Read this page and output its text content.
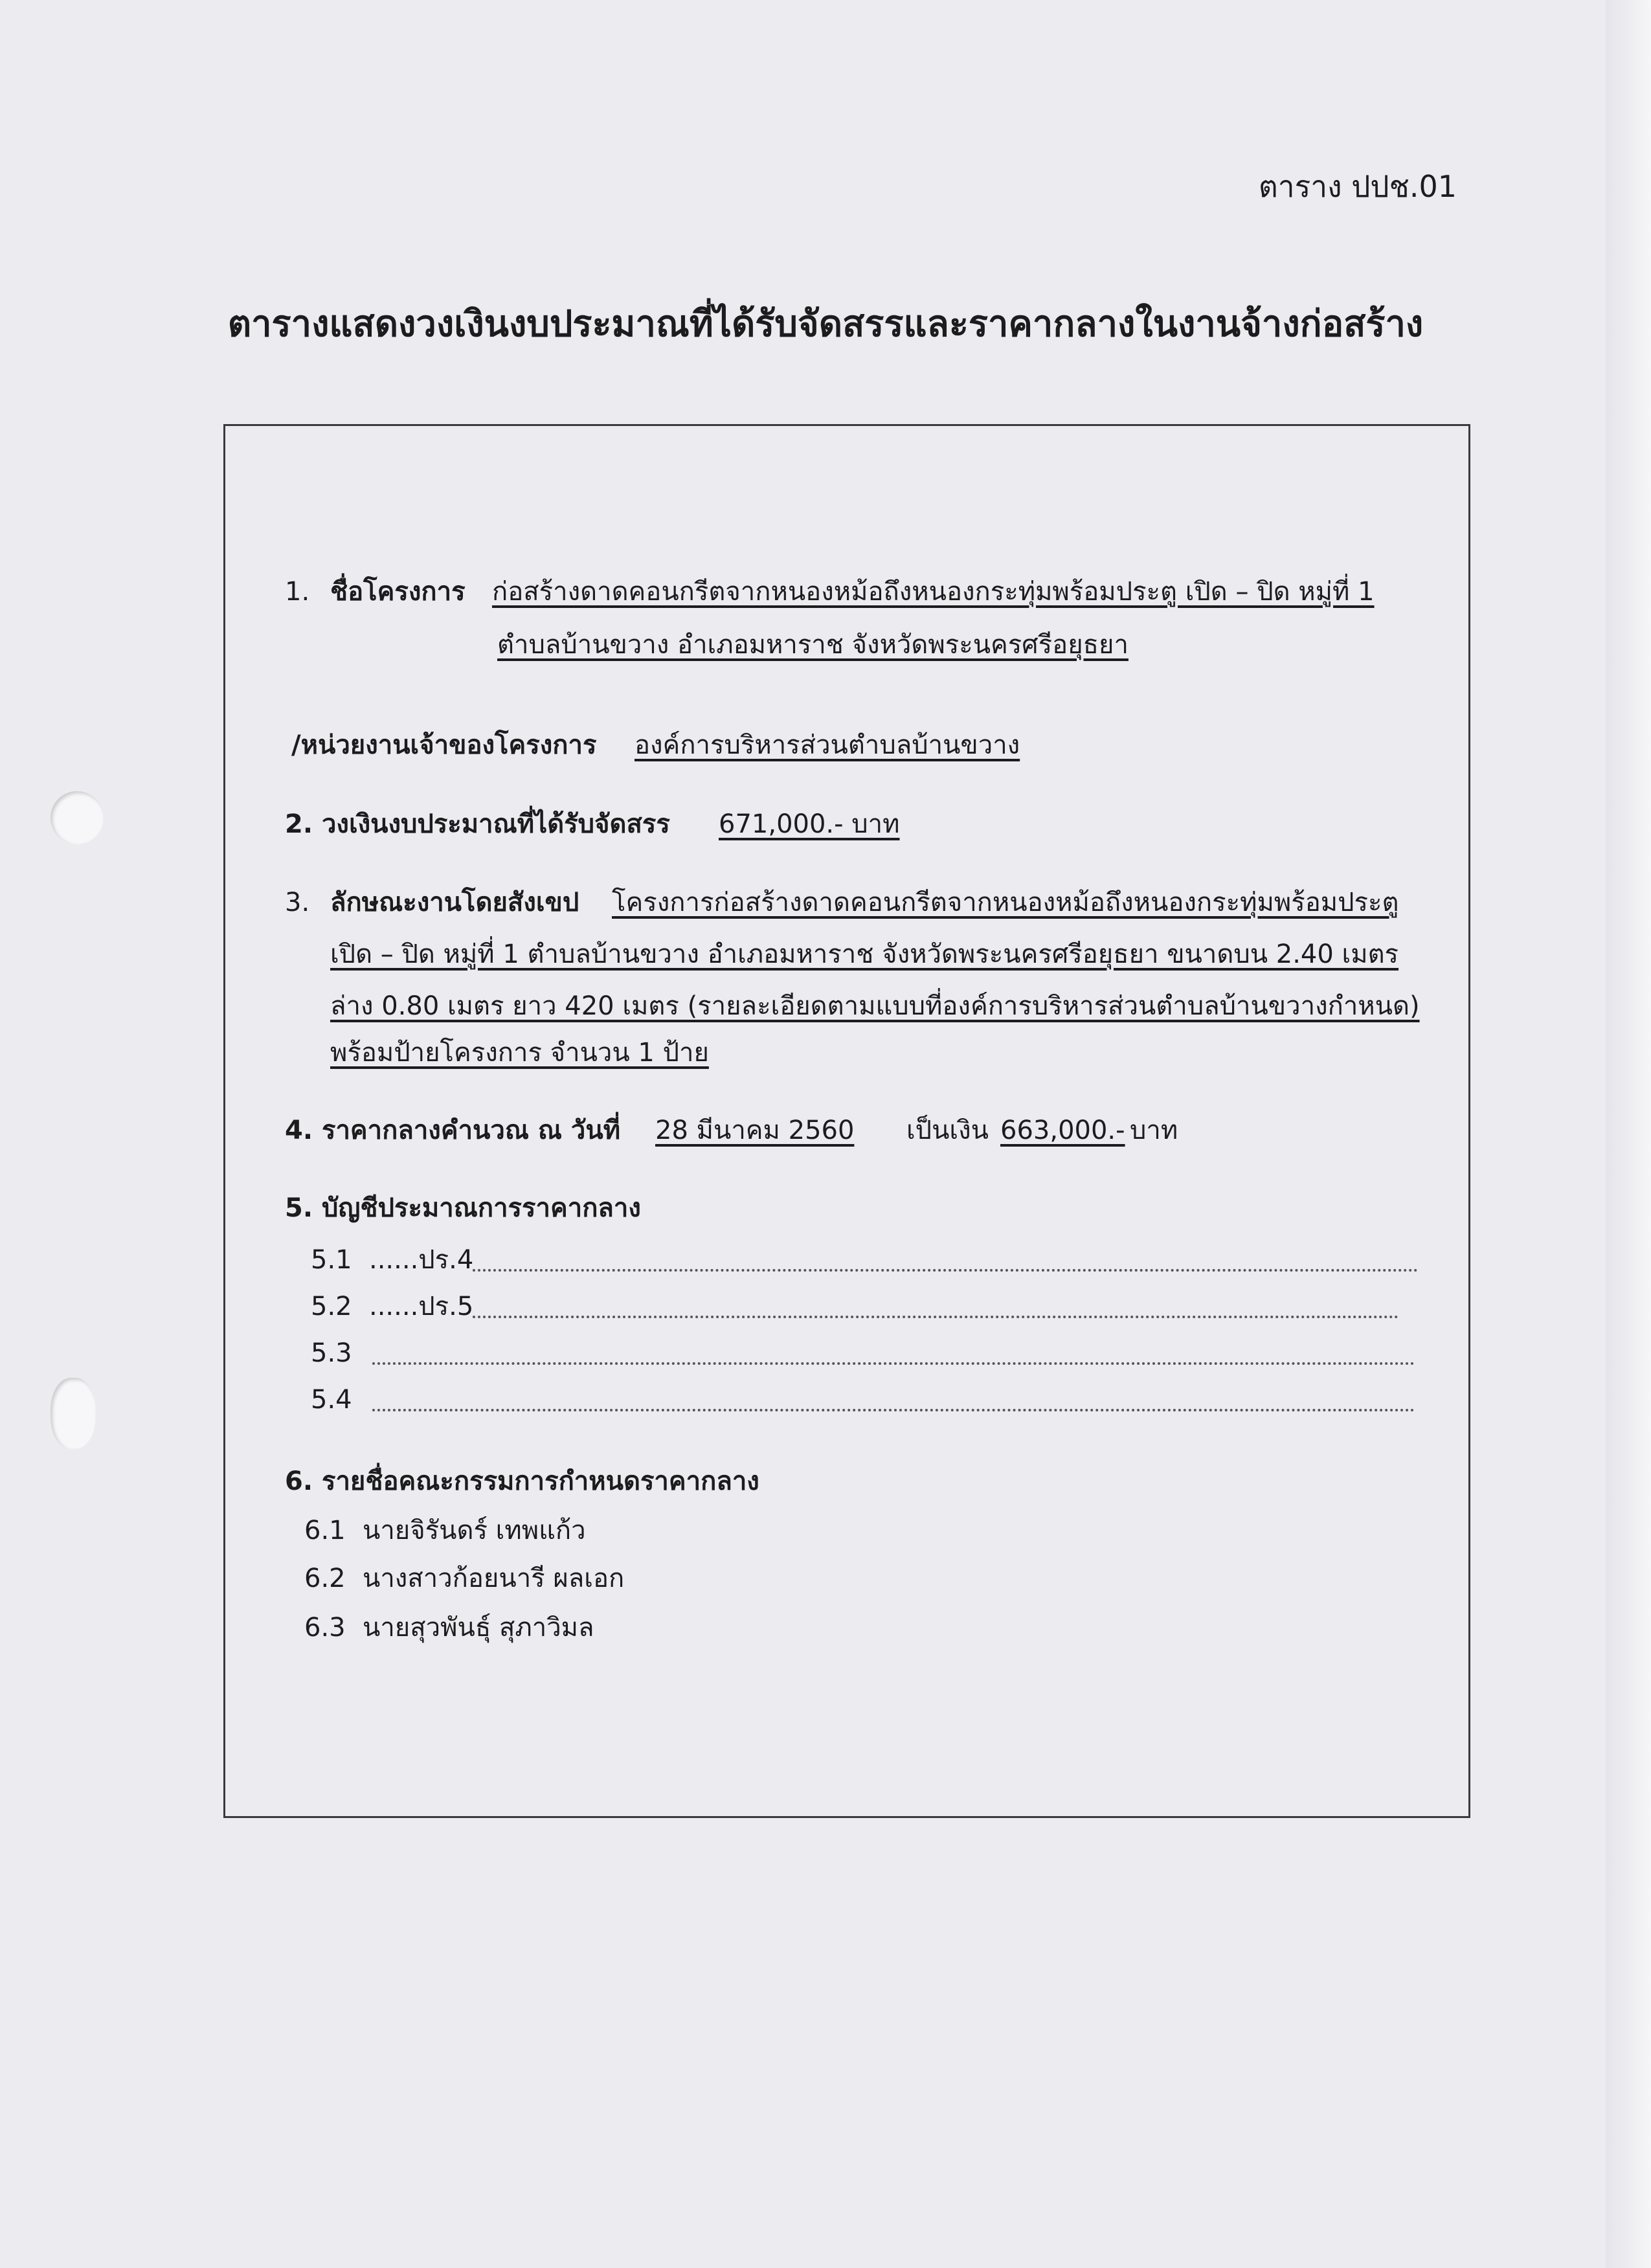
ตาราง ปปช.01
ตารางแสดงวงเงินงบประมาณที่ได้รับจัดสรรและราคากลางในงานจ้างก่อสร้าง
1. ชื่อโครงการ ก่อสร้างดาดคอนกรีตจากหนองหม้อถึงหนองกระทุ่มพร้อมประตู เปิด – ปิด หมู่ที่ 1
ตำบลบ้านขวาง อำเภอมหาราช จังหวัดพระนครศรีอยุธยา
/หน่วยงานเจ้าของโครงการ องค์การบริหารส่วนตำบลบ้านขวาง
2. วงเงินงบประมาณที่ได้รับจัดสรร 671,000.- บาท
3. ลักษณะงานโดยสังเขป โครงการก่อสร้างดาดคอนกรีตจากหนองหม้อถึงหนองกระทุ่มพร้อมประตู
เปิด – ปิด หมู่ที่ 1 ตำบลบ้านขวาง อำเภอมหาราช จังหวัดพระนครศรีอยุธยา ขนาดบน 2.40 เมตร
ล่าง 0.80 เมตร ยาว 420 เมตร (รายละเอียดตามแบบที่องค์การบริหารส่วนตำบลบ้านขวางกำหนด)
พร้อมป้ายโครงการ จำนวน 1 ป้าย
4. ราคากลางคำนวณ ณ วันที่ 28 มีนาคม 2560 เป็นเงิน 663,000.- บาท
5. บัญชีประมาณการราคากลาง
5.1 ......ปร.4
5.2 ......ปร.5
5.3
5.4
6. รายชื่อคณะกรรมการกำหนดราคากลาง
6.1 นายจิรันดร์ เทพแก้ว
6.2 นางสาวก้อยนารี ผลเอก
6.3 นายสุวพันธุ์ สุภาวิมล
